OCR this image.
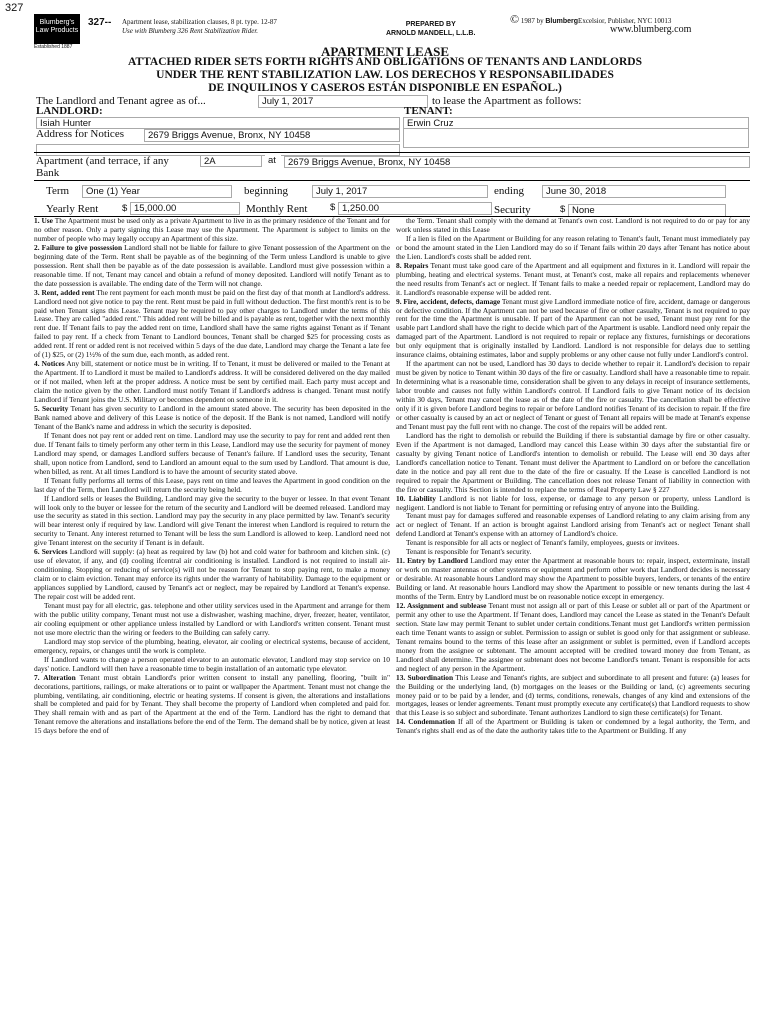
327
Blumberg's
Law Products
Established 1887
327-- Apartment lease, stabilization clauses, 8 pt. type. 12-87
Use with Blumberg 326 Rent Stabilization Rider.
PREPARED BY
ARNOLD MANDELL, L.L.B.
© 1987 by BlumbergExcelsior, Publisher, NYC 10013
www.blumberg.com
APARTMENT LEASE
ATTACHED RIDER SETS FORTH RIGHTS AND OBLIGATIONS OF TENANTS AND LANDLORDS
UNDER THE RENT STABILIZATION LAW. LOS DERECHOS Y RESPONSABILIDADES
DE INQUILINOS Y CASEROS ESTÁN DISPONIBLE EN ESPAÑOL.)
The Landlord and Tenant agree as of...	July 1, 2017	to lease the Apartment as follows:
LANDLORD:	TENANT:
Isiah Hunter	Erwin Cruz
Address for Notices	2679 Briggs Avenue, Bronx, NY 10458
Apartment (and terrace, if any	2A	at	2679 Briggs Avenue, Bronx, NY 10458
Bank
Term	One (1) Year	beginning	July 1, 2017	ending	June 30, 2018
Yearly Rent $ 15,000.00	Monthly Rent $ 1,250.00	Security	$ None

1. Use The Apartment must be used only as a private Apartment to live in as the primary residence of the Tenant and for no other reason. Only a party signing this Lease may use the Apartment. The Apartment is subject to limits on the number of people who may legally occupy an Apartment of this size.

2. Failure to give possession Landlord shall not be liable for failure to give Tenant possession of the Apartment on the beginning date of the Term. Rent shall be payable as of the beginning of the Term unless Landlord is unable to give possession. Rent shall then be payable as of the date possession is available. Landlord must give possession within a reasonable time. If not, Tenant may cancel and obtain a refund of money deposited. Landlord will notify Tenant as to the date possession is available. The ending date of the Term will not change.

3. Rent, added rent The rent payment for each month must be paid on the first day of that month at Landlord's address. Landlord need not give notice to pay the rent. Rent must be paid in full without deduction. The first month's rent is to be paid when Tenant signs this Lease. Tenant may be required to pay other charges to Landlord under the terms of this Lease. They are called "added rent." This added rent will be billed and is payable as rent, together with the next monthly rent due. If Tenant fails to pay the added rent on time, Landlord shall have the same rights against Tenant as if Tenant failed to pay rent. If a check from Tenant to Landlord bounces, Tenant shall be charged $25 for processing costs as added rent. If rent or added rent is not received within 5 days of the due date, Landlord may charge the Tenant a late fee of (1) $25, or (2) 1½% of the sum due, each month, as added rent.

4. Notices Any bill, statement or notice must be in writing. If to Tenant, it must be delivered or mailed to the Tenant at the Apartment. If to Landlord it must be mailed to Landlord's address. It will be considered delivered on the day mailed or if not mailed, when left at the proper address. A notice must be sent by certified mail. Each party must accept and claim the notice given by the other. Landlord must notify Tenant if Landlord's address is changed. Tenant must notify Landlord if Tenant joins the U.S. Military or becomes dependent on someone in it.

5. Security Tenant has given security to Landlord in the amount stated above. The security has been deposited in the Bank named above and delivery of this Lease is notice of the deposit. If the Bank is not named, Landlord will notify Tenant of the Bank's name and address in which the security is deposited.

If Tenant does not pay rent or added rent on time. Landlord may use the security to pay for rent and added rent then due. If Tenant fails to timely perform any other term in this Lease, Landlord may use the security for payment of money Landlord may spend, or damages Landlord suffers because of Tenant's failure. If Landlord uses the security, Tenant shall, upon notice from Landlord, send to Landlord an amount equal to the sum used by Landlord. That amount is due, when billed, as rent. At all times Landlord is to have the amount of security stated above.

If Tenant fully performs all terms of this Lease, pays rent on time and leaves the Apartment in good condition on the last day of the Term, then Landlord will return the security being held.

If Landlord sells or leases the Building, Landlord may give the security to the buyer or lessee. In that event Tenant will look only to the buyer or lessee for the return of the security and Landlord will be deemed released. Landlord may use the security as stated in this section. Landlord may pay the security in any place permitted by law. Tenant's security will bear interest only if required by law. Landlord will give Tenant the interest when Landlord is required to return the security to Tenant. Any interest returned to Tenant will be less the sum Landlord is allowed to keep. Landlord need not give Tenant interest on the security if Tenant is in default.

6. Services Landlord will supply: (a) heat as required by law (b) hot and cold water for bathroom and kitchen sink. (c) use of elevator, if any, and (d) cooling ifcentral air conditioning is installed. Landlord is not required to install air-conditioning. Stopping or reducing of service(s) will not be reason for Tenant to stop paying rent, to make a money claim or to claim eviction. Tenant may enforce its rights under the warranty of habitability. Damage to the equipment or appliances supplied by Landlord, caused by Tenant's act or neglect, may be repaired by Landlord at Tenant's expense. The repair cost will be added rent.

Tenant must pay for all electric, gas. telephone and other utility services used in the Apartment and arrange for them with the public utility company, Tenant must not use a dishwasher, washing machine, dryer, freezer, heater, ventilator, air cooling equipment or other appliance unless installed by Landlord or with Landlord's written consent. Tenant must not use more electric than the wiring or feeders to the Building can safely carry.

Landlord may stop service of the plumbing, heating, elevator, air cooling or electrical systems, because of accident, emergency, repairs, or changes until the work is complete.

If Landlord wants to change a person operated elevator to an automatic elevator, Landlord may stop service on 10 days' notice. Landlord will then have a reasonable time to begin installation of an automatic type elevator.

7. Alteration Tenant must obtain Landlord's prior written consent to install any panelling, flooring, "built in" decorations, partitions, railings, or make alterations or to paint or wallpaper the Apartment. Tenant must not change the plumbing, ventilating, air conditioning, electric or heating systems. If consent is given, the alterations and installations shall be completed and paid for by Tenant. They shall become the property of Landlord when completed and paid for. They shall remain with and as part of the Apartment at the end of the Term. Landlord has the right to demand that Tenant remove the alterations and installations before the end of the Term. The demand shall be by notice, given at least 15 days before the end of

the Term. Tenant shall comply with the demand at Tenant's own cost. Landlord is not required to do or pay for any work unless stated in this Lease

If a lien is filed on the Apartment or Building for any reason relating to Tenant's fault, Tenant must immediately pay or bond the amount stated in the Lien Landlord may do so if Tenant fails within 20 days after Tenant has notice about the Lien. Landlord's costs shall be added rent.

8. Repairs Tenant must take good care of the Apartment and all equipment and fixtures in it. Landlord will repair the plumbing, heating and electrical systems. Tenant must, at Tenant's cost, make all repairs and replacements whenever the need results from Tenant's act or neglect. If Tenant fails to make a needed repair or replacement, Landlord may do it. Landlord's reasonable expense will be added rent.

9. Fire, accident, defects, damage Tenant must give Landlord immediate notice of fire, accident, damage or dangerous or defective condition. If the Apartment can not be used because of fire or other casualty, Tenant is not required to pay rent for the time the Apartment is unusable. If part of the Apartment can not be used, Tenant must pay rent for the usable part Landlord shall have the right to decide which part of the Apartment is usable. Landlord need only repair the damaged part of the Apartment. Landlord is not required to repair or replace any fixtures, furnishings or decorations but only equipment that is originally installed by Landlord. Landlord is not responsible for delays due to settling insurance claims, obtaining estimates, labor and supply problems or any other cause not fully under Landlord's control.

If the apartment can not be used, Landlord has 30 days to decide whether to repair it. Landlord's decision to repair must be given by notice to Tenant within 30 days of the fire or casualty. Landlord shall have a reasonable time to repair. In determining what is a reasonable time, consideration shall be given to any delays in receipt of insurance settlements, labor trouble and causes not fully within Landlord's control. If Landlord fails to give Tenant notice of its decision within 30 days, Tenant may cancel the lease as of the date of the fire or casualty. The cancellation shall be effective only if it is given before Landlord begins to repair or before Landlord notifies Tenant of its decision to repair. If the fire or other casualty is caused by an act or neglect of Tenant or guest of Tenant all repairs will be made at Tenant's expense and Tenant must pay the full rent with no change. The cost of the repairs will be added rent.

Landlord has the right to demolish or rebuild the Building if there is substantial damage by fire or other casualty. Even if the Apartment is not damaged, Landlord may cancel this Lease within 30 days after the substantial fire or casualty by giving Tenant notice of Landlord's intention to demolish or rebuild. The Lease will end 30 days after Landlord's cancellation notice to Tenant. Tenant must deliver the Apartment to Landlord on or before the cancellation date in the notice and pay all rent due to the date of the fire or casualty. If the Lease is cancelled Landlord is not required to repair the Apartment or Building. The cancellation does not release Tenant of liability in connection with the fire or casualty. This Section is intended to replace the terms of Real Property Law § 227

10. Liability Landlord is not liable for loss, expense, or damage to any person or property, unless Landlord is negligent. Landlord is not liable to Tenant for permitting or refusing entry of anyone into the Building.

Tenant must pay for damages suffered and reasonable expenses of Landlord relating to any claim arising from any act or neglect of Tenant. If an action is brought against Landlord arising from Tenant's act or neglect Tenant shall defend Landlord at Tenant's expense with an attorney of Landlord's choice.

Tenant is responsible for all acts or neglect of Tenant's family, employees, guests or invitees.

Tenant is responsible for Tenant's security.

11. Entry by Landlord Landlord may enter the Apartment at reasonable hours to: repair, inspect, exterminate, install or work on master antennas or other systems or equipment and perform other work that Landlord decides is necessary or desirable. At reasonable hours Landlord may show the Apartment to possible buyers, lenders, or tenants of the entire Building or land. At reasonable hours Landlord may show the Apartment to possible or new tenants during the last 4 months of the Term. Entry by Landlord must be on reasonable notice except in emergency.

12. Assignment and sublease Tenant must not assign all or part of this Lease or sublet all or part of the Apartment or permit any other to use the Apartment. If Tenant does, Landlord may cancel the Lease as stated in the Tenant's Default section. State law may permit Tenant to sublet under certain conditions.Tenant must get Landlord's written permission each time Tenant wants to assign or sublet. Permission to assign or sublet is good only for that assignment or sublease. Tenant remains bound to the terms of this lease after an assignment or sublet is permitted, even if Landlord accepts money from the assignee or subtenant. The amount accepted will be credited toward money due from Tenant, as Landlord shall determine. The assignee or subtenant does not become Landlord's tenant. Tenant is responsible for acts and neglect of any person in the Apartment.

13. Subordination This Lease and Tenant's rights, are subject and subordinate to all present and future: (a) leases for the Building or the underlying land, (b) mortgages on the leases or the Building or land, (c) agreements securing money paid or to be paid by a lender, and (d) terms, conditions, renewals, changes of any kind and extensions of the mortgages, leases or lender agreements. Tenant must promptly execute any certificate(s) that Landlord requests to show that this Lease is so subject and subordinate. Tenant authorizes Landlord to sign these certificate(s) for Tenant.

14. Condemnation If all of the Apartment or Building is taken or condemned by a legal authority, the Term, and Tenant's rights shall end as of the date the authority takes title to the Apartment or Building. If any
